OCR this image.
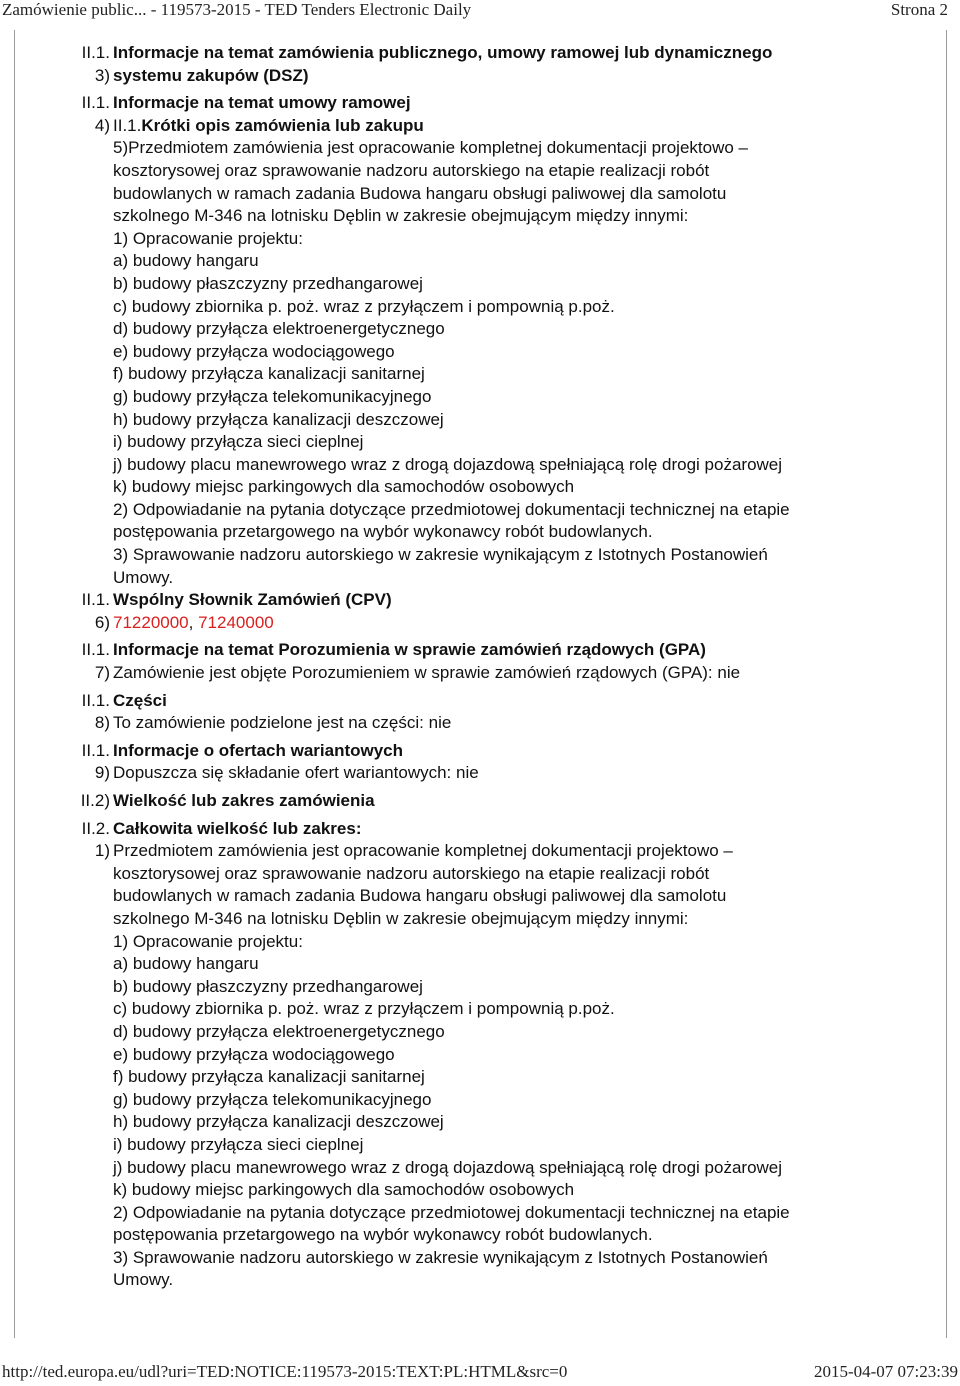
Zamówienie public... - 119573-2015 - TED Tenders Electronic Daily	Strona 2
II.1.
3)
Informacje na temat zamówienia publicznego, umowy ramowej lub dynamicznego
systemu zakupów (DSZ)
II.1.
4)
Informacje na temat umowy ramowej

II.1.Krótki opis zamówienia lub zakupu
5)Przedmiotem zamówienia jest opracowanie kompletnej dokumentacji projektowo –
kosztorysowej oraz sprawowanie nadzoru autorskiego na etapie realizacji robót
budowlanych w ramach zadania Budowa hangaru obsługi paliwowej dla samolotu
szkolnego M-346 na lotnisku Dęblin w zakresie obejmującym między innymi:
1) Opracowanie projektu:
a) budowy hangaru
b) budowy płaszczyzny przedhangarowej
c) budowy zbiornika p. poż. wraz z przyłączem i pompownią p.poż.
d) budowy przyłącza elektroenergetycznego
e) budowy przyłącza wodociągowego
f) budowy przyłącza kanalizacji sanitarnej
g) budowy przyłącza telekomunikacyjnego
h) budowy przyłącza kanalizacji deszczowej
i) budowy przyłącza sieci cieplnej
j) budowy placu manewrowego wraz z drogą dojazdową spełniającą rolę drogi pożarowej
k) budowy miejsc parkingowych dla samochodów osobowych
2) Odpowiadanie na pytania dotyczące przedmiotowej dokumentacji technicznej na etapie
postępowania przetargowego na wybór wykonawcy robót budowlanych.
3) Sprawowanie nadzoru autorskiego w zakresie wynikającym z Istotnych Postanowień
Umowy.
II.1.
6)
Wspólny Słownik Zamówień (CPV)
71220000, 71240000
II.1.
7)
Informacje na temat Porozumienia w sprawie zamówień rządowych (GPA)
Zamówienie jest objęte Porozumieniem w sprawie zamówień rządowych (GPA): nie
II.1.
8)
Części
To zamówienie podzielone jest na części: nie
II.1.
9)
Informacje o ofertach wariantowych
Dopuszcza się składanie ofert wariantowych: nie
II.2) Wielkość lub zakres zamówienia
II.2.
1)
Całkowita wielkość lub zakres:
Przedmiotem zamówienia jest opracowanie kompletnej dokumentacji projektowo –
kosztorysowej oraz sprawowanie nadzoru autorskiego na etapie realizacji robót
budowlanych w ramach zadania Budowa hangaru obsługi paliwowej dla samolotu
szkolnego M-346 na lotnisku Dęblin w zakresie obejmującym między innymi:
1) Opracowanie projektu:
a) budowy hangaru
b) budowy płaszczyzny przedhangarowej
c) budowy zbiornika p. poż. wraz z przyłączem i pompownią p.poż.
d) budowy przyłącza elektroenergetycznego
e) budowy przyłącza wodociągowego
f) budowy przyłącza kanalizacji sanitarnej
g) budowy przyłącza telekomunikacyjnego
h) budowy przyłącza kanalizacji deszczowej
i) budowy przyłącza sieci cieplnej
j) budowy placu manewrowego wraz z drogą dojazdową spełniającą rolę drogi pożarowej
k) budowy miejsc parkingowych dla samochodów osobowych
2) Odpowiadanie na pytania dotyczące przedmiotowej dokumentacji technicznej na etapie
postępowania przetargowego na wybór wykonawcy robót budowlanych.
3) Sprawowanie nadzoru autorskiego w zakresie wynikającym z Istotnych Postanowień
Umowy.
http://ted.europa.eu/udl?uri=TED:NOTICE:119573-2015:TEXT:PL:HTML&src=0	2015-04-07 07:23:39
